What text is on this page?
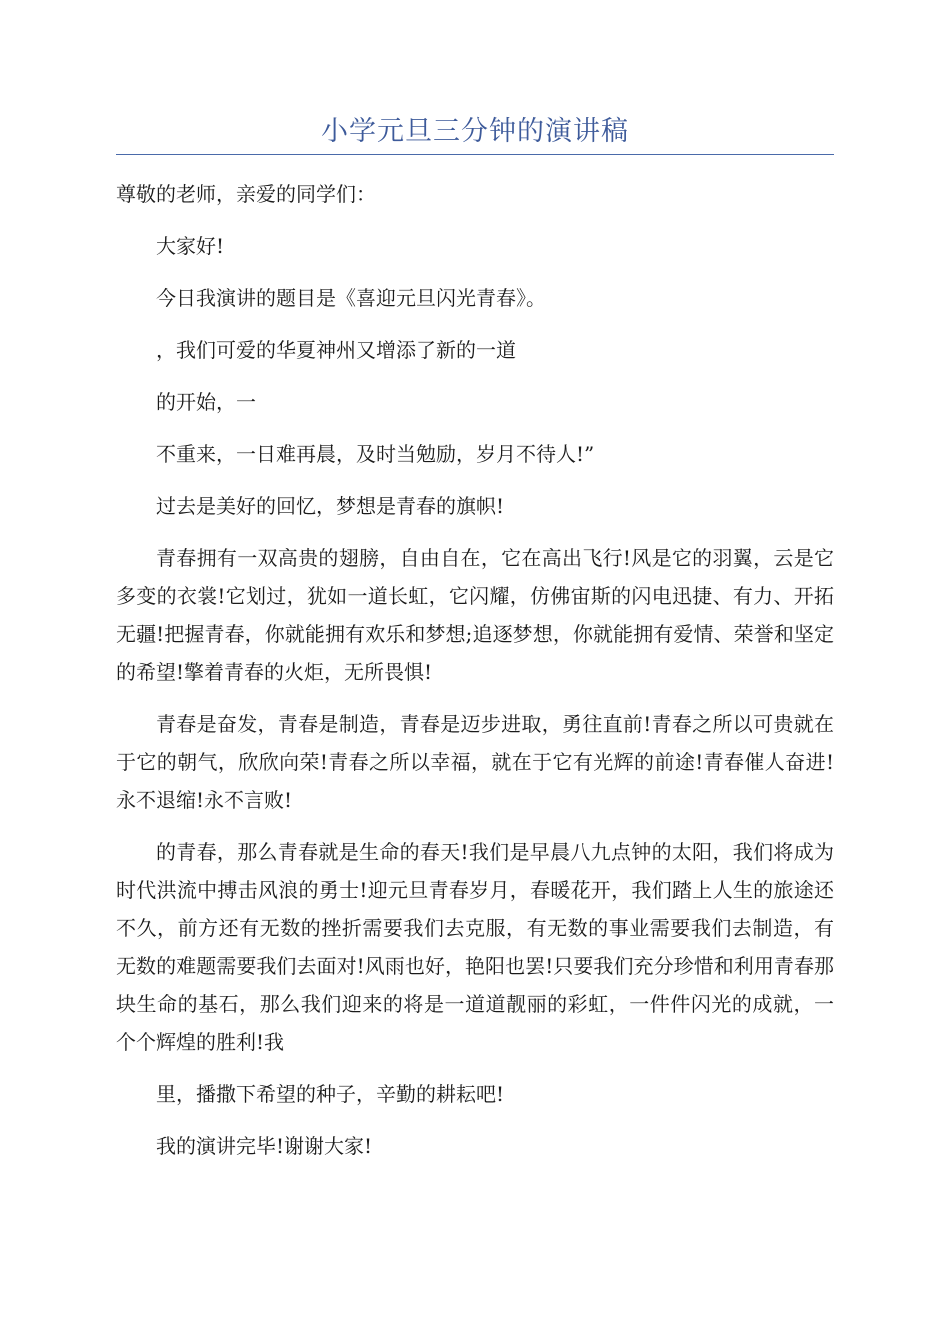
小学元旦三分钟的演讲稿

尊敬的老师，亲爱的同学们：

大家好!

今日我演讲的题目是《喜迎元旦闪光青春》。

，我们可爱的华夏神州又增添了新的一道

的开始，一

不重来，一日难再晨，及时当勉励，岁月不待人!”

过去是美好的回忆，梦想是青春的旗帜!

青春拥有一双高贵的翅膀，自由自在，它在高出飞行!风是它的羽翼，云是它多变的衣裳!它划过，犹如一道长虹，它闪耀，仿佛宙斯的闪电迅捷、有力、开拓无疆!把握青春，你就能拥有欢乐和梦想;追逐梦想，你就能拥有爱情、荣誉和坚定的希望!擎着青春的火炬，无所畏惧!

青春是奋发，青春是制造，青春是迈步进取，勇往直前!青春之所以可贵就在于它的朝气，欣欣向荣!青春之所以幸福，就在于它有光辉的前途!青春催人奋进!永不退缩!永不言败!

的青春，那么青春就是生命的春天!我们是早晨八九点钟的太阳，我们将成为时代洪流中搏击风浪的勇士!迎元旦青春岁月，春暖花开，我们踏上人生的旅途还不久，前方还有无数的挫折需要我们去克服，有无数的事业需要我们去制造，有无数的难题需要我们去面对!风雨也好，艳阳也罢!只要我们充分珍惜和利用青春那块生命的基石，那么我们迎来的将是一道道靓丽的彩虹，一件件闪光的成就，一个个辉煌的胜利!我

里，播撒下希望的种子，辛勤的耕耘吧!

我的演讲完毕!谢谢大家!
